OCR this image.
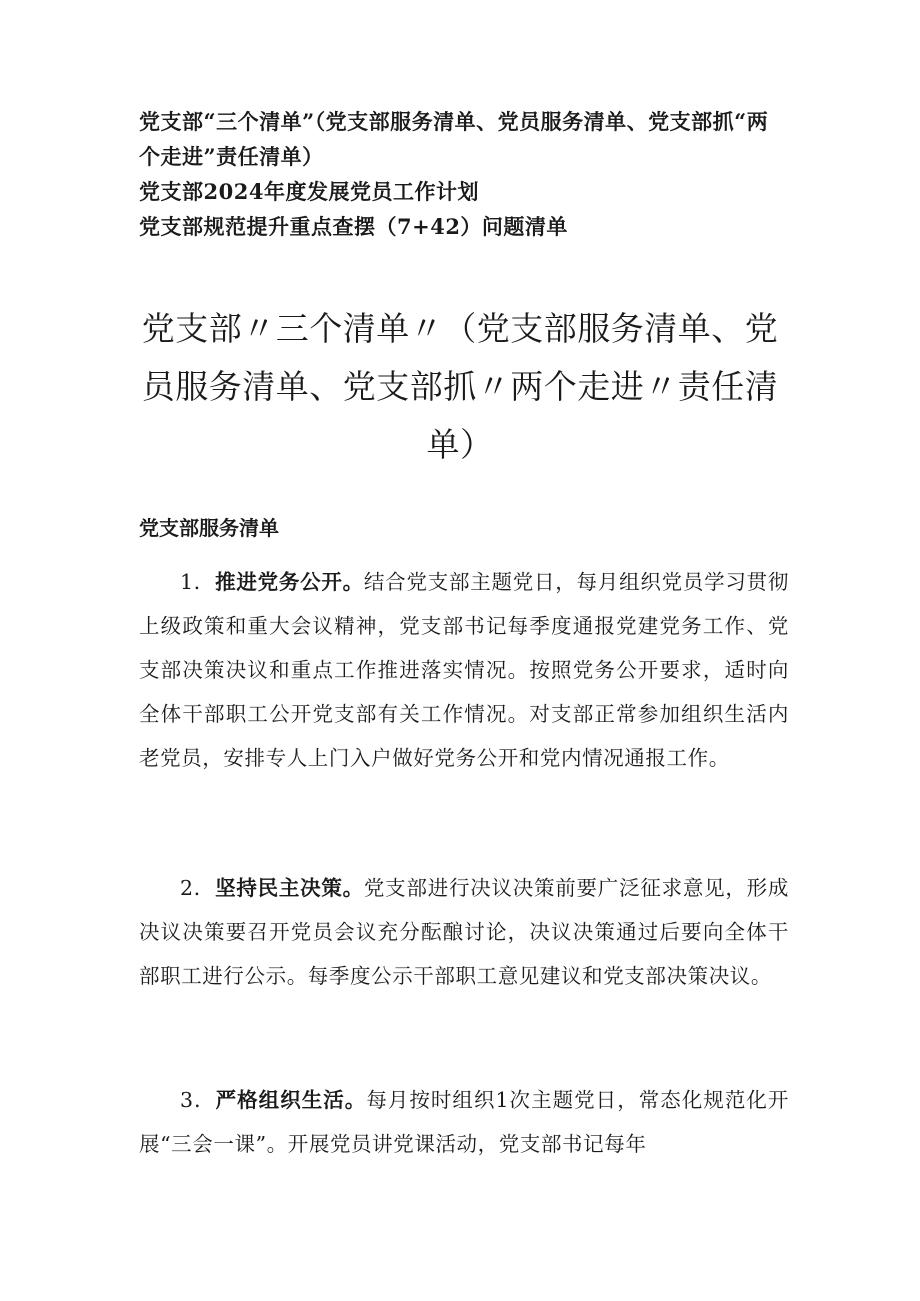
党支部“三个清单”（党支部服务清单、党员服务清单、党支部抓“两个走进”责任清单）

党支部2024年度发展党员工作计划

党支部规范提升重点查摆（7+42）问题清单

党支部〃三个清单〃（党支部服务清单、党员服务清单、党支部抓〃两个走进〃责任清单）
党支部服务清单

1．推进党务公开。结合党支部主题党日，每月组织党员学习贯彻上级政策和重大会议精神，党支部书记每季度通报党建党务工作、党支部决策决议和重点工作推进落实情况。按照党务公开要求，适时向全体干部职工公开党支部有关工作情况。对支部正常参加组织生活内老党员，安排专人上门入户做好党务公开和党内情况通报工作。

2．坚持民主决策。党支部进行决议决策前要广泛征求意见，形成决议决策要召开党员会议充分酝酿讨论，决议决策通过后要向全体干部职工进行公示。每季度公示干部职工意见建议和党支部决策决议。

3．严格组织生活。每月按时组织1次主题党日，常态化规范化开展“三会一课”。开展党员讲党课活动，党支部书记每年
